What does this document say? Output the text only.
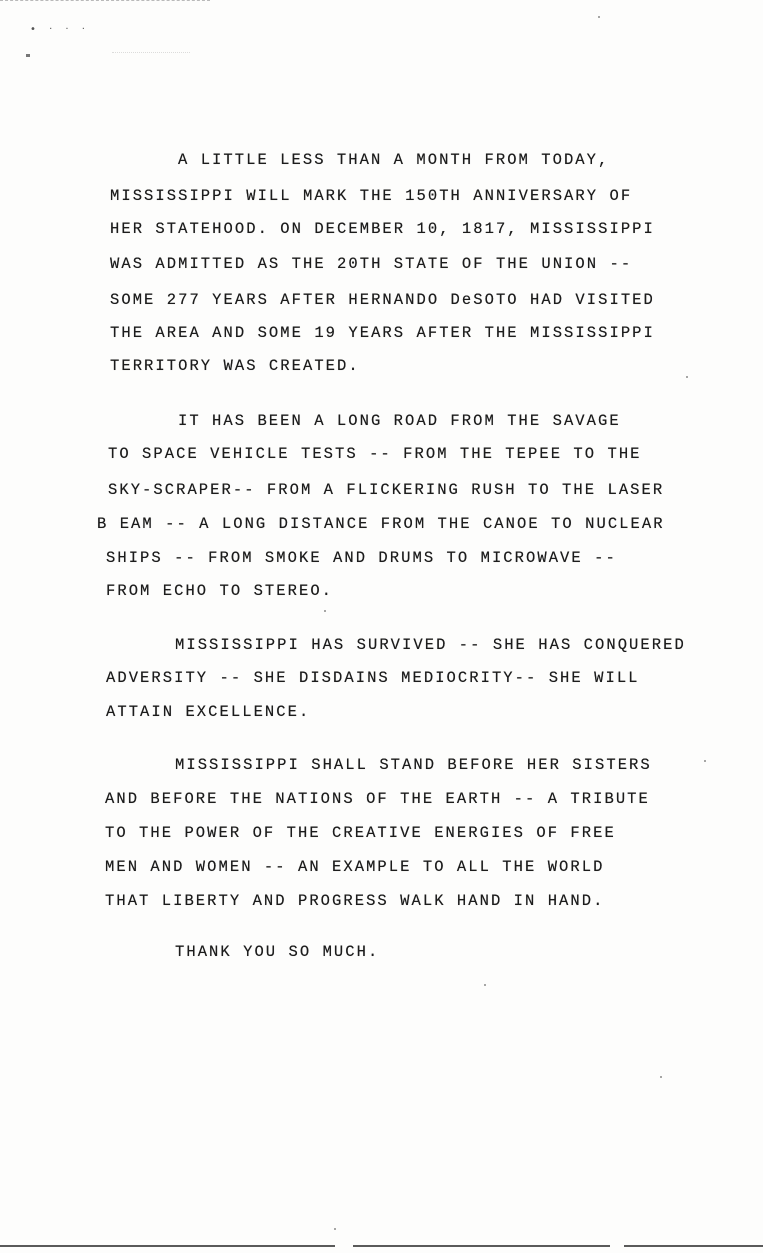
• · · ·
A LITTLE LESS THAN A MONTH FROM TODAY,
MISSISSIPPI WILL MARK THE 150TH ANNIVERSARY OF
HER STATEHOOD. ON DECEMBER 10, 1817, MISSISSIPPI
WAS ADMITTED AS THE 20TH STATE OF THE UNION --
SOME 277 YEARS AFTER HERNANDO DeSOTO HAD VISITED
THE AREA AND SOME 19 YEARS AFTER THE MISSISSIPPI
TERRITORY WAS CREATED.
IT HAS BEEN A LONG ROAD FROM THE SAVAGE
TO SPACE VEHICLE TESTS -- FROM THE TEPEE TO THE
SKY-SCRAPER-- FROM A FLICKERING RUSH TO THE LASER
B EAM -- A LONG DISTANCE FROM THE CANOE TO NUCLEAR
SHIPS -- FROM SMOKE AND DRUMS TO MICROWAVE --
FROM ECHO TO STEREO.
MISSISSIPPI HAS SURVIVED -- SHE HAS CONQUERED
ADVERSITY -- SHE DISDAINS MEDIOCRITY-- SHE WILL
ATTAIN EXCELLENCE.
MISSISSIPPI SHALL STAND BEFORE HER SISTERS
AND BEFORE THE NATIONS OF THE EARTH -- A TRIBUTE
TO THE POWER OF THE CREATIVE ENERGIES OF FREE
MEN AND WOMEN -- AN EXAMPLE TO ALL THE WORLD
THAT LIBERTY AND PROGRESS WALK HAND IN HAND.
THANK YOU SO MUCH.
